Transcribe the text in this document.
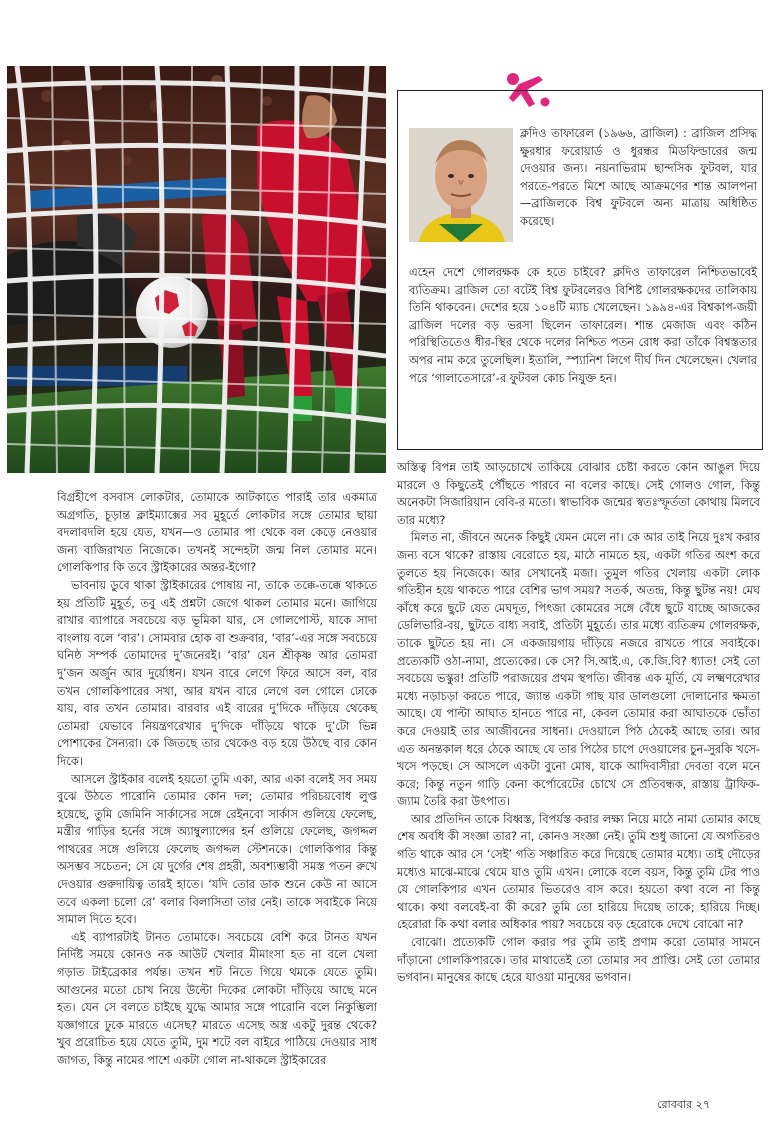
ক্লদিও তাফারেল (১৯৬৬, ব্রাজিল) : ব্রাজিল প্রসিদ্ধ ক্ষুরধার ফরোয়ার্ড ও ধুরন্ধর মিডফিল্ডারের জন্ম দেওয়ার জন্য। নয়নাভিরাম ছান্দসিক ফুটবল, যার পরতে-পরতে মিশে আছে আক্রমণের শান্ত আলপনা—ব্রাজিলকে বিশ্ব ফুটবলে অন্য মাত্রায় অধিষ্ঠিত করেছে।

এহেন দেশে গোলরক্ষক কে হতে চাইবে? ক্লদিও তাফারেল নিশ্চিতভাবেই ব্যতিক্রম। ব্রাজিল তো বটেই বিশ্ব ফুটবলেরও বিশিষ্ট গোলরক্ষকদের তালিকায় তিনি থাকবেন। দেশের হয়ে ১০৪টি ম্যাচ খেলেছেন। ১৯৯৪-এর বিশ্বকাপ-জয়ী ব্রাজিল দলের বড় ভরসা ছিলেন তাফারেল। শান্ত মেজাজ এবং কঠিন পরিস্থিতিতেও ধীর-স্থির থেকে দলের নিশ্চিত পতন রোধ করা তাঁকে বিশ্বস্ততার অপর নাম করে তুলেছিল। ইতালি, স্প্যানিশ লিগে দীর্ঘ দিন খেলেছেন। খেলার পরে ‘গালাতেসারে’-র ফুটবল কোচ নিযুক্ত হন।

বিগ্রহীপে বসবাস লোকটার, তোমাকে আটকাতে পারাই তার একমাত্র অগ্রগতি, চূড়ান্ত ক্লাইম্যাক্সের সব মুহূর্তে লোকটার সঙ্গে তোমার ছায়া বদলাবদলি হয়ে যেত, যখন—ও তোমার পা থেকে বল কেড়ে নেওয়ার জন্য বাজিরাখত নিজেকে। তখনই সন্দেহটা জন্ম নিল তোমার মনে। গোলকিপার কি তবে স্ট্রাইকারের অন্তর-ইগো?

ভাবনায় ডুবে থাকা স্ট্রাইকারের পোষায় না, তাকে তক্কে-তক্কে থাকতে হয় প্রতিটি মুহূর্ত, তবু এই প্রশ্নটা জেগে থাকল তোমার মনে। জাগিয়ে রাখার ব্যাপারে সবচেয়ে বড় ভূমিকা যার, সে গোলপোস্ট, যাকে সাদা বাংলায় বলে ‘বার’। সোমবার হোক বা শুক্রবার, ‘বার’-এর সঙ্গে সবচেয়ে ঘনিষ্ঠ সম্পর্ক তোমাদের দু’জনেরই। ‘বার’ যেন শ্রীকৃষ্ণ আর তোমরা দু’জন অর্জুন আর দুর্যোধন। যখন বারে লেগে ফিরে আসে বল, বার তখন গোলকিপারের সখা, আর যখন বারে লেগে বল গোলে ঢোকে যায়, বার তখন তোমার। বারবার এই বারের দু’দিকে দাঁড়িয়ে থেকেছ তোমরা যেভাবে নিয়ন্ত্রণরেখার দু’দিকে দাঁড়িয়ে থাকে দু’টো ভিন্ন পোশাকের সৈন্যরা। কে জিতছে তার থেকেও বড় হয়ে উঠছে বার কোন দিকে।

আসলে স্ট্রাইকার বলেই হয়তো তুমি একা, আর একা বলেই সব সময় বুঝে উঠতে পারোনি তোমার কোন দল; তোমার পরিচয়বোধ লুপ্ত হয়েছে, তুমি জেমিনি সার্কাসের সঙ্গে রেইনবো সার্কাস গুলিয়ে ফেলেছ, মন্ত্রীর গাড়ির হর্নের সঙ্গে অ্যাম্বুল্যান্সের হর্ন গুলিয়ে ফেলেছ, জগদ্দল পাথরের সঙ্গে গুলিয়ে ফেলেছ জগদ্দল স্টেশনকে। গোলকিপার কিন্তু অসম্ভব সচেতন; সে যে দুর্গের শেষ প্রহরী, অবশ্যম্ভাবী সমস্ত পতন রুখে দেওয়ার গুরুদায়িত্ব তারই হাতে। ‘যদি তোর ডাক শুনে কেউ না আসে তবে একলা চলো রে’ বলার বিলাসিতা তার নেই। তাকে সবাইকে নিয়ে সামাল দিতে হবে।

এই ব্যাপারটাই টানত তোমাকে। সবচেয়ে বেশি করে টানত যখন নির্দিষ্ট সময়ে কোনও নক আউট খেলার মীমাংসা হত না বলে খেলা গড়াত টাইব্রেকার পর্যন্ত। তখন শট নিতে গিয়ে থমকে যেতে তুমি। আগুনের মতো চোখ নিয়ে উল্টো দিকের লোকটা দাঁড়িয়ে আছে মনে হত। যেন সে বলতে চাইছে যুদ্ধে আমার সঙ্গে পারোনি বলে নিকুম্ভিলা যজ্ঞাগারে ঢুকে মারতে এসেছ? মারতে এসেছ অস্ত্র একটু দুরন্ত থেকে? খুব প্ররোচিত হয়ে যেতে তুমি, দুম শটে বল বাইরে পাঠিয়ে দেওয়ার সাধ জাগত, কিন্তু নামের পাশে একটা গোল না-থাকলে স্ট্রাইকারের

অস্তিত্ব বিপন্ন তাই আড়চোখে তাকিয়ে বোঝার চেষ্টা করতে কোন আঙুল দিয়ে মারলে ও কিছুতেই পৌঁছতে পারবে না বলের কাছে। সেই গোলও গোল, কিন্তু অনেকটা সিজারিয়ান বেবি-র মতো। স্বাভাবিক জন্মের স্বতঃস্ফূর্ততা কোথায় মিলবে তার মধ্যে?

মিলত না, জীবনে অনেক কিছুই যেমন মেলে না। কে আর তাই নিয়ে দুঃখ করার জন্য বসে থাকে? রাস্তায় বেরোতে হয়, মাঠে নামতে হয়, একটা গতির অংশ করে তুলতে হয় নিজেকে। আর সেখানেই মজা। তুমুল গতির খেলায় একটা লোক গতিহীন হয়ে থাকতে পারে বেশির ভাগ সময়? সতর্ক, অতন্দ্র, কিন্তু ছুটন্ত নয়! মেঘ কাঁধে করে ছুটে যেত মেঘদূত, পিৎজা কোমরের সঙ্গে বেঁধে ছুটে যাচ্ছে আজকের ডেলিভারি-বয়, ছুটতে বাধ্য সবাই, প্রতিটা মুহূর্তে। তার মধ্যে ব্যতিক্রম গোলরক্ষক, তাকে ছুটতে হয় না। সে একজায়গায় দাঁড়িয়ে নজরে রাখতে পারে সবাইকে। প্রত্যেকটি ওঠা-নামা, প্রত্যেকের। কে সে? সি.আই.এ, কে.জি.বি? ধ্যাত! সেই তো সবচেয়ে ভস্কুর! প্রতিটি পরাজয়ের প্রথম স্থপতি। জীবন্ত এক মূর্তি, যে লক্ষ্মণরেখার মধ্যে নড়াচড়া করতে পারে, জ্যান্ত একটা গাছ যার ডালগুলো দোলানোর ক্ষমতা আছে। যে পাল্টা আঘাত হানতে পারে না, কেবল তোমার করা আঘাতকে ভোঁতা করে দেওয়াই তার আজীবনের সাধনা। দেওয়ালে পিঠ ঠেকেই আছে তার। আর এত অনন্তকাল ধরে ঠেকে আছে যে তার পিঠের চাপে দেওয়ালের চুন-সুরকি খসে-খসে পড়ছে। সে আসলে একটা বুনো মোষ, যাকে আদিবাসীরা দেবতা বলে মনে করে; কিন্তু নতুন গাড়ি কেনা কর্পোরেটের চোখে সে প্রতিবন্ধক, রাস্তায় ট্রাফিক-জ্যাম তৈরি করা উৎপাত।

আর প্রতিদিন তাকে বিধ্বস্ত, বিপর্যস্ত করার লক্ষ্য নিয়ে মাঠে নামা তোমার কাছে শেষ অবধি কী সংজ্ঞা তার? না, কোনও সংজ্ঞা নেই। তুমি শুধু জানো যে অগতিরও গতি থাকে আর সে ‘সেই’ গতি সঞ্চারিত করে দিয়েছে তোমার মধ্যে। তাই দৌড়ের মধ্যেও মাঝে-মাঝে থেমে যাও তুমি এখন। লোকে বলে বয়স, কিন্তু তুমি টের পাও যে গোলকিপার এখন তোমার ভিতরেও বাস করে। হয়তো কথা বলে না কিন্তু থাকে। কথা বলবেই-বা কী করে? তুমি তো হারিয়ে দিয়েছ তাকে; হারিয়ে দিচ্ছ। হেরোরা কি কথা বলার অধিকার পায়? সবচেয়ে বড় হেরোকে দেখে বোঝো না?

বোঝো। প্রত্যেকটি গোল করার পর তুমি তাই প্রণাম করো তোমার সামনে দাঁড়ানো গোলকিপারকে। তার মাথাতেই তো তোমার সব প্রাপ্তি। সেই তো তোমার ভগবান। মানুষের কাছে হেরে যাওয়া মানুষের ভগবান।

রোববার ২৭
